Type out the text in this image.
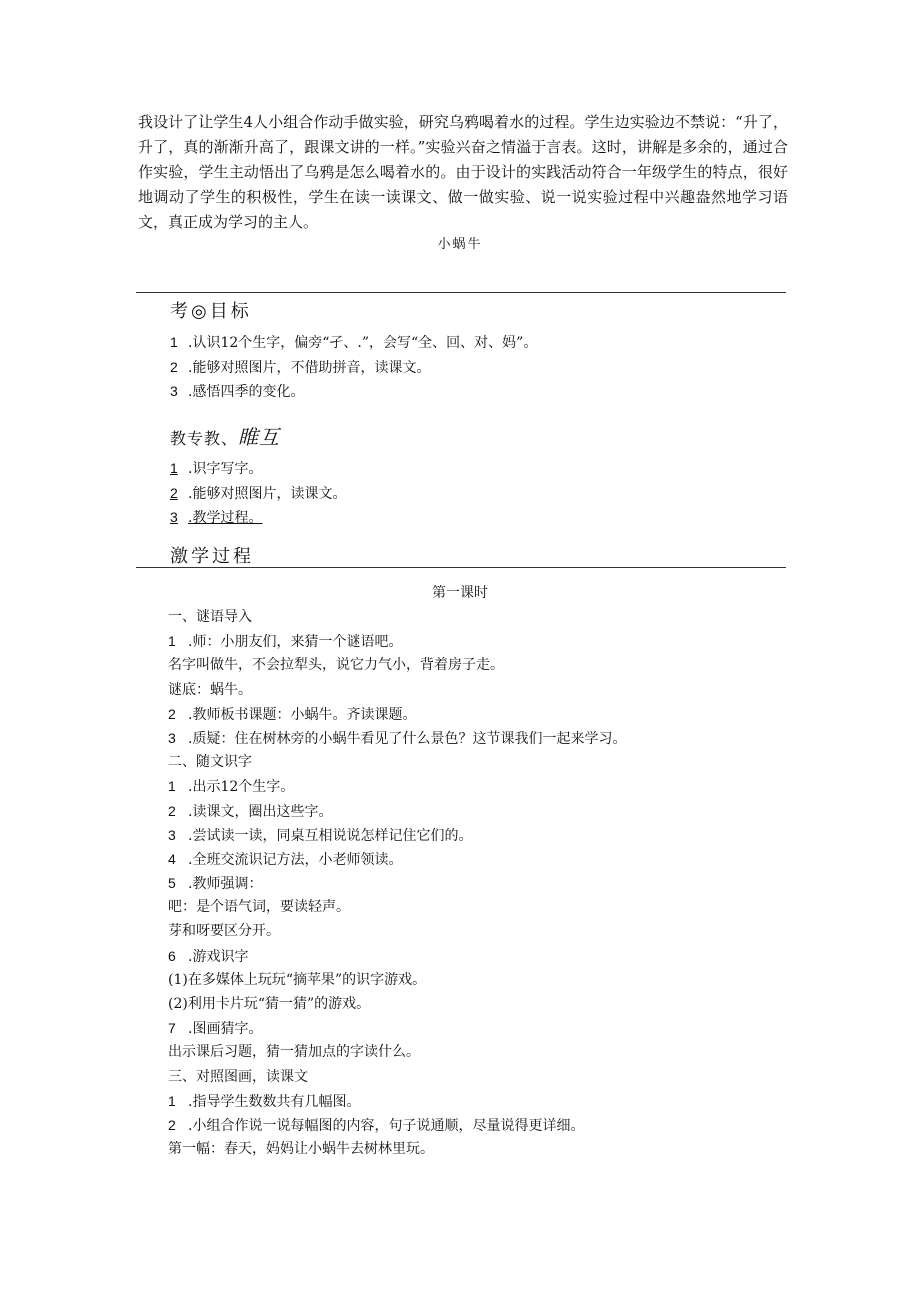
我设计了让学生4人小组合作动手做实验，研究乌鸦喝着水的过程。学生边实验边不禁说：“升了，升了，真的渐渐升高了，跟课文讲的一样。”实验兴奋之情溢于言表。这时，讲解是多余的，通过合作实验，学生主动悟出了乌鸦是怎么喝着水的。由于设计的实践活动符合一年级学生的特点，很好地调动了学生的积极性，学生在读一读课文、做一做实验、说一说实验过程中兴趣盎然地学习语文，真正成为学习的主人。

小蜗牛
考◎目标
1 .认识12个生字，偏旁“孑、.”，会写“全、回、对、妈”。
2 .能够对照图片，不借助拼音，读课文。
3 .感悟四季的变化。
教专教、睢互
1 .识字写字。
2 .能够对照图片，读课文。
3 .教学过程。
激学过程
第一课时
一、谜语导入
1 .师：小朋友们，来猜一个谜语吧。
名字叫做牛，不会拉犁头，说它力气小，背着房子走。
谜底：蜗牛。
2 .教师板书课题：小蜗牛。齐读课题。
3 .质疑：住在树林旁的小蜗牛看见了什么景色？这节课我们一起来学习。
二、随文识字
1 .出示12个生字。
2 .读课文，圈出这些字。
3 .尝试读一读，同桌互相说说怎样记住它们的。
4 .全班交流识记方法，小老师领读。
5 .教师强调：
吧：是个语气词，要读轻声。
芽和呀要区分开。
6 .游戏识字
(1)在多媒体上玩玩“摘苹果”的识字游戏。
(2)利用卡片玩“猜一猜”的游戏。
7 .图画猜字。
出示课后习题，猜一猜加点的字读什么。
三、对照图画，读课文
1 .指导学生数数共有几幅图。
2 .小组合作说一说每幅图的内容，句子说通顺，尽量说得更详细。
第一幅：春天，妈妈让小蜗牛去树林里玩。
